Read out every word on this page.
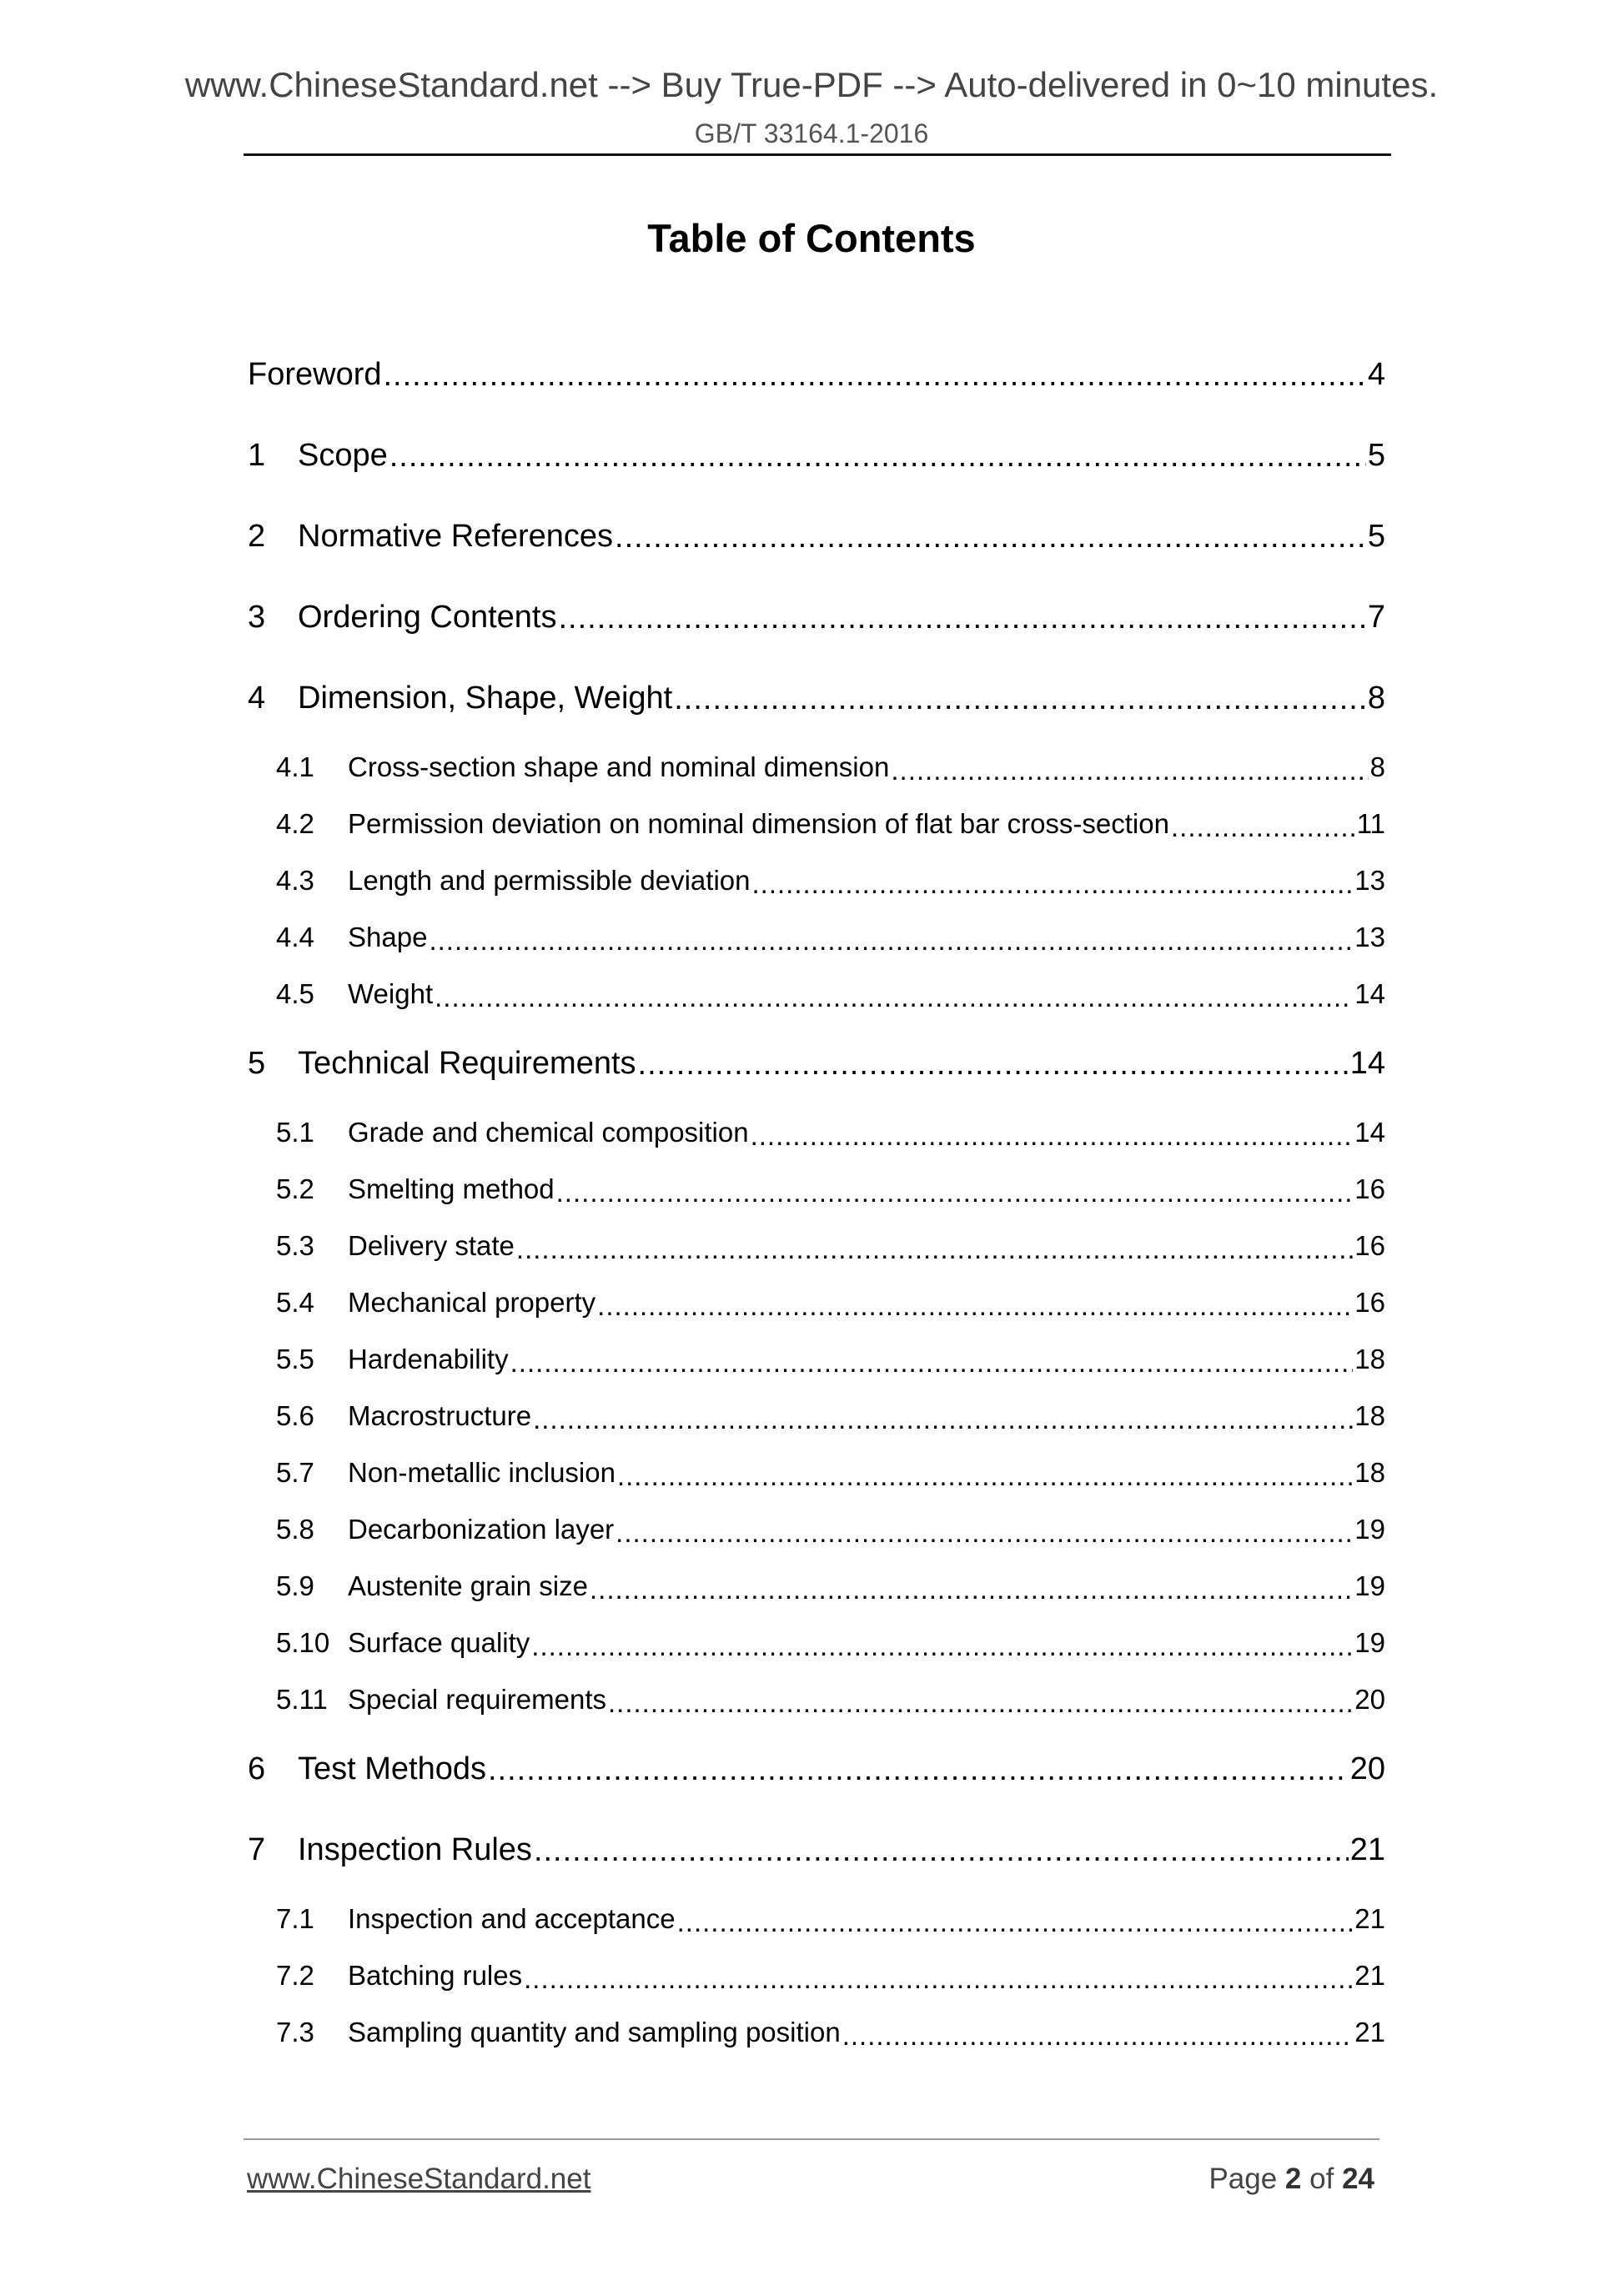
www.ChineseStandard.net --> Buy True-PDF --> Auto-delivered in 0~10 minutes.
GB/T 33164.1-2016
Table of Contents
Foreword .....	4
1	Scope .....	5
2	Normative References .....	5
3	Ordering Contents .....	7
4	Dimension, Shape, Weight .....	8
4.1	Cross-section shape and nominal dimension .....	8
4.2	Permission deviation on nominal dimension of flat bar cross-section .....	11
4.3	Length and permissible deviation .....	13
4.4	Shape .....	13
4.5	Weight .....	14
5	Technical Requirements .....	14
5.1	Grade and chemical composition .....	14
5.2	Smelting method .....	16
5.3	Delivery state .....	16
5.4	Mechanical property .....	16
5.5	Hardenability .....	18
5.6	Macrostructure .....	18
5.7	Non-metallic inclusion .....	18
5.8	Decarbonization layer .....	19
5.9	Austenite grain size .....	19
5.10 Surface quality .....	19
5.11 Special requirements .....	20
6	Test Methods .....	20
7	Inspection Rules .....	21
7.1	Inspection and acceptance .....	21
7.2	Batching rules .....	21
7.3	Sampling quantity and sampling position .....	21
www.ChineseStandard.net	Page 2 of 24
